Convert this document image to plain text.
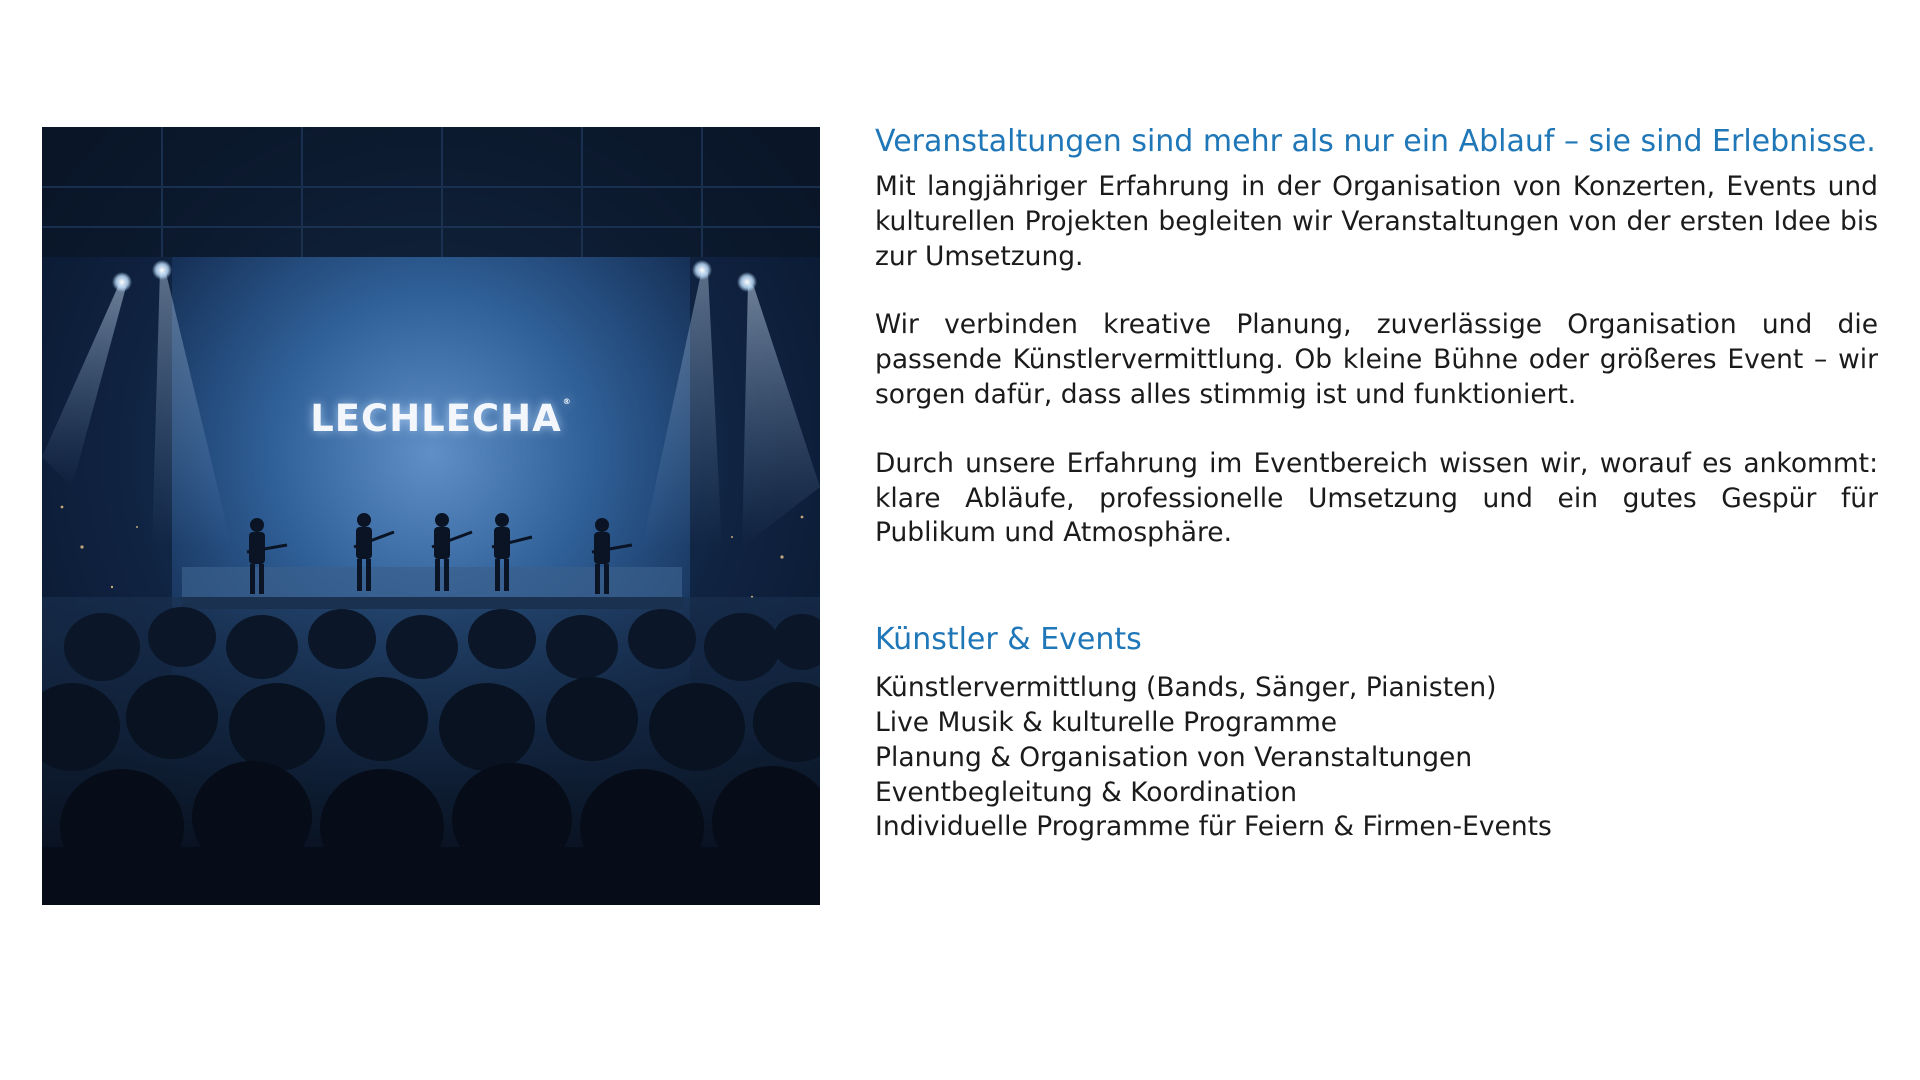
LECHLECHA®
Veranstaltungen sind mehr als nur ein Ablauf – sie sind Erlebnisse.

Mit langjähriger Erfahrung in der Organisation von Konzerten, Events und kulturellen Projekten begleiten wir Veranstaltungen von der ersten Idee bis zur Umsetzung.

Wir verbinden kreative Planung, zuverlässige Organisation und die passende Künstlervermittlung. Ob kleine Bühne oder größeres Event – wir sorgen dafür, dass alles stimmig ist und funktioniert.

Durch unsere Erfahrung im Eventbereich wissen wir, worauf es ankommt: klare Abläufe, professionelle Umsetzung und ein gutes Gespür für Publikum und Atmosphäre.

Künstler & Events
Künstlervermittlung (Bands, Sänger, Pianisten)
Live Musik & kulturelle Programme
Planung & Organisation von Veranstaltungen
Eventbegleitung & Koordination
Individuelle Programme für Feiern & Firmen-Events
